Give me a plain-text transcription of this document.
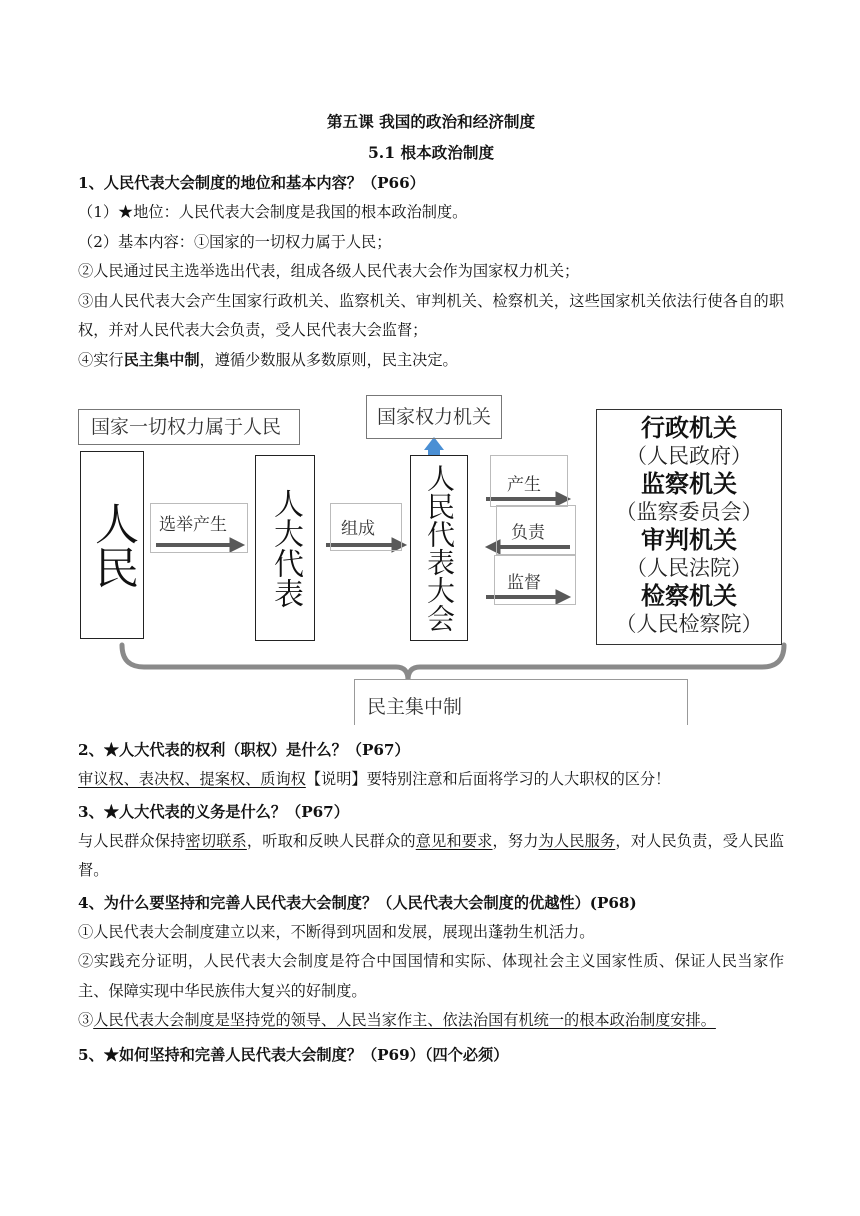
第五课 我国的政治和经济制度
5.1 根本政治制度
1、人民代表大会制度的地位和基本内容？（P66）
（1）★地位：人民代表大会制度是我国的根本政治制度。
（2）基本内容：①国家的一切权力属于人民；
②人民通过民主选举选出代表，组成各级人民代表大会作为国家权力机关；
③由人民代表大会产生国家行政机关、监察机关、审判机关、检察机关，这些国家机关依法行使各自的职权，并对人民代表大会负责，受人民代表大会监督；
④实行民主集中制，遵循少数服从多数原则，民主决定。
国家一切权力属于人民	国家权力机关
人民	选举产生	人大代表	组成	人民代表大会	产生
负责
监督
行政机关
（人民政府）
监察机关
（监察委员会）
审判机关
（人民法院）
检察机关
（人民检察院）
民主集中制
2、★人大代表的权利（职权）是什么？（P67）
审议权、表决权、提案权、质询权【说明】要特别注意和后面将学习的人大职权的区分！
3、★人大代表的义务是什么？（P67）
与人民群众保持密切联系，听取和反映人民群众的意见和要求，努力为人民服务，对人民负责，受人民监督。
4、为什么要坚持和完善人民代表大会制度？（人民代表大会制度的优越性）(P68)
①人民代表大会制度建立以来，不断得到巩固和发展，展现出蓬勃生机活力。
②实践充分证明，人民代表大会制度是符合中国国情和实际、体现社会主义国家性质、保证人民当家作主、保障实现中华民族伟大复兴的好制度。
③人民代表大会制度是坚持党的领导、人民当家作主、依法治国有机统一的根本政治制度安排。
5、★如何坚持和完善人民代表大会制度？（P69）（四个必须）
